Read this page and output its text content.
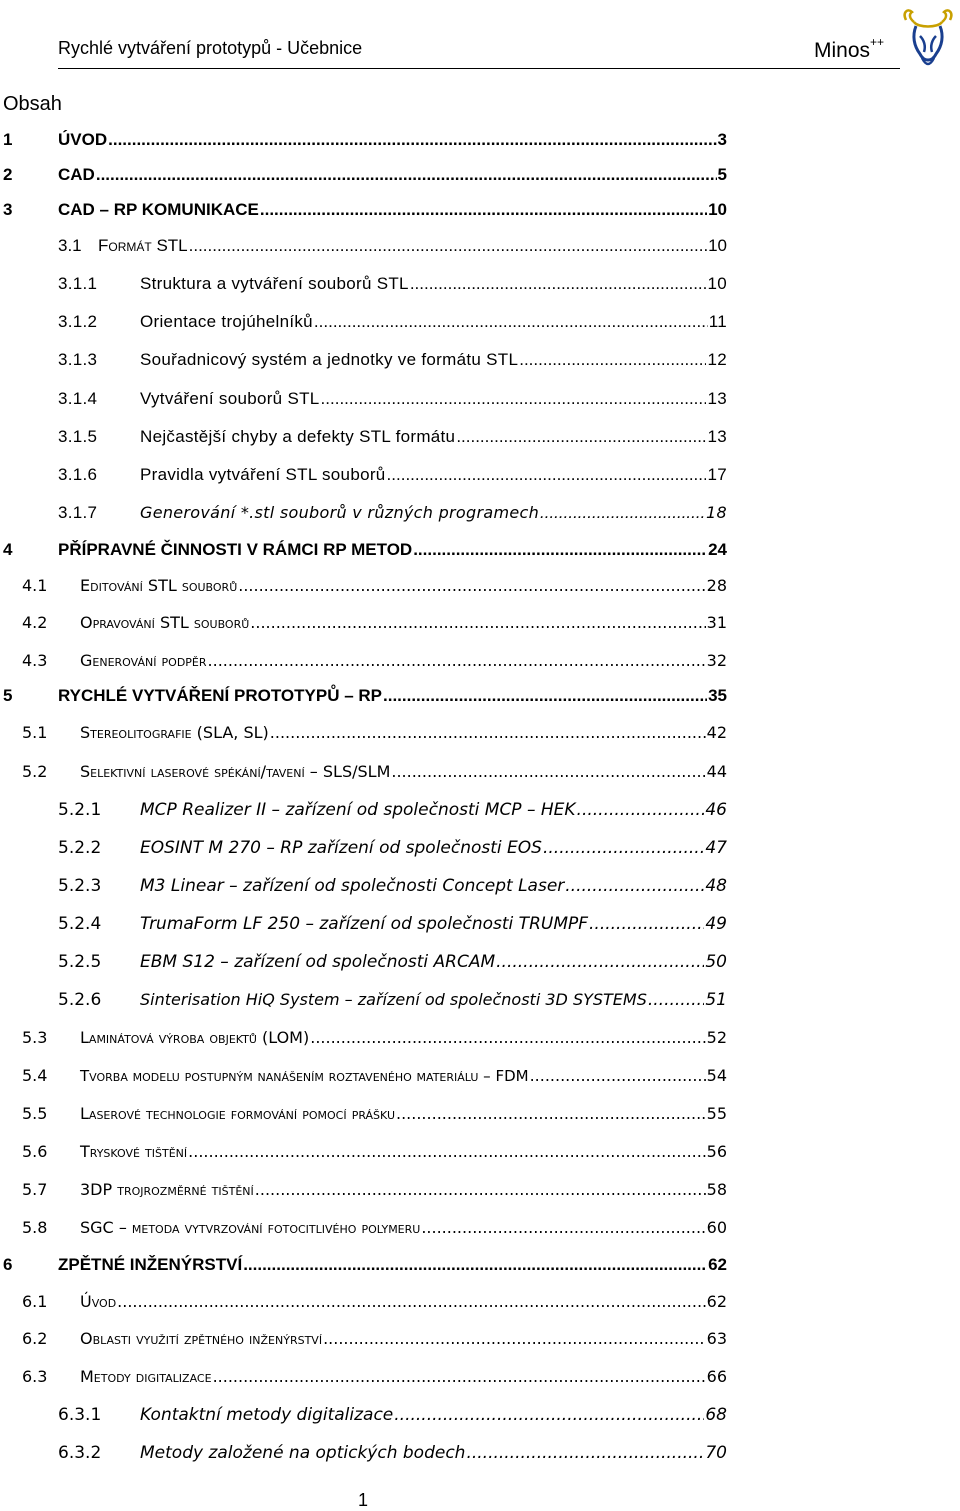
Rychlé vytváření prototypů - Učebnice	Minos++
Obsah
1	ÚVOD .....	3
2	CAD .....	5
3	CAD – RP KOMUNIKACE .....	10
3.1 Formát STL .....	10
3.1.1	Struktura a vytváření souborů STL .....	10
3.1.2	Orientace trojúhelníků .....	11
3.1.3	Souřadnicový systém a jednotky ve formátu STL .....	12
3.1.4	Vytváření souborů STL .....	13
3.1.5	Nejčastější chyby a defekty STL formátu .....	13
3.1.6	Pravidla vytváření STL souborů .....	17
3.1.7	Generování *.stl souborů v různých programech .....	18
4	PŘÍPRAVNÉ ČINNOSTI V RÁMCI RP METOD .....	24
4.1	Editování STL souborů .....	28
4.2	Opravování STL souborů .....	31
4.3	Generování podpěr .....	32
5	RYCHLÉ VYTVÁŘENÍ PROTOTYPŮ – RP .....	35
5.1	Stereolitografie (SLA, SL) .....	42
5.2	Selektivní laserové spékání/tavení – SLS/SLM .....	44
5.2.1	MCP Realizer II – zařízení od společnosti MCP – HEK .....	46
5.2.2	EOSINT M 270 – RP zařízení od společnosti EOS .....	47
5.2.3	M3 Linear – zařízení od společnosti Concept Laser .....	48
5.2.4	TrumaForm LF 250 – zařízení od společnosti TRUMPF .....	49
5.2.5	EBM S12 – zařízení od společnosti ARCAM .....	50
5.2.6	Sinterisation HiQ System – zařízení od společnosti 3D SYSTEMS .....	51
5.3	Laminátová výroba objektů (LOM) .....	52
5.4	Tvorba modelu postupným nanášením roztaveného materiálu – FDM .....	54
5.5	Laserové technologie formování pomocí prášku .....	55
5.6	Tryskové tištění .....	56
5.7	3DP trojrozměrné tištění .....	58
5.8	SGC – metoda vytvrzování fotocitlivého polymeru .....	60
6	ZPĚTNÉ INŽENÝRSTVÍ .....	62
6.1	Úvod .....	62
6.2	Oblasti využití zpětného inženýrství .....	63
6.3	Metody digitalizace .....	66
6.3.1	Kontaktní metody digitalizace .....	68
6.3.2	Metody založené na optických bodech .....	70
1
